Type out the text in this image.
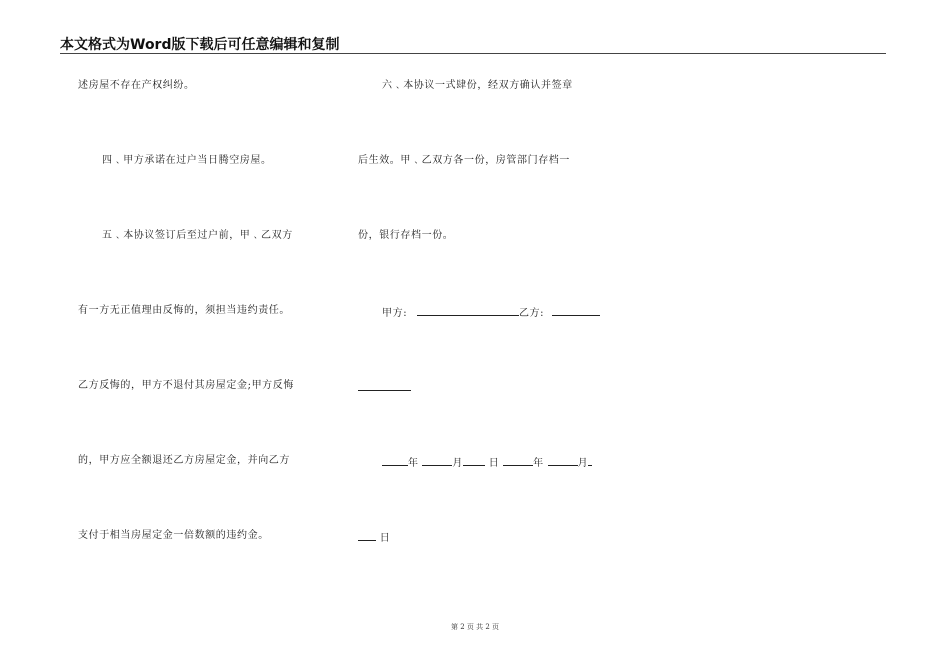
本文格式为Word版下载后可任意编辑和复制
述房屋不存在产权纠纷。
四﹑甲方承诺在过户当日腾空房屋。
五﹑本协议签订后至过户前，甲﹑乙双方
有一方无正值理由反悔的，须担当违约责任。
乙方反悔的，甲方不退付其房屋定金;甲方反悔
的，甲方应全额退还乙方房屋定金，并向乙方
支付于相当房屋定金一倍数额的违约金。
六﹑本协议一式肆份，经双方确认并签章
后生效。甲﹑乙双方各一份，房管部门存档一
份，银行存档一份。
甲方:	乙方:
年	月	日	年	月
日
第 2 页 共 2 页
